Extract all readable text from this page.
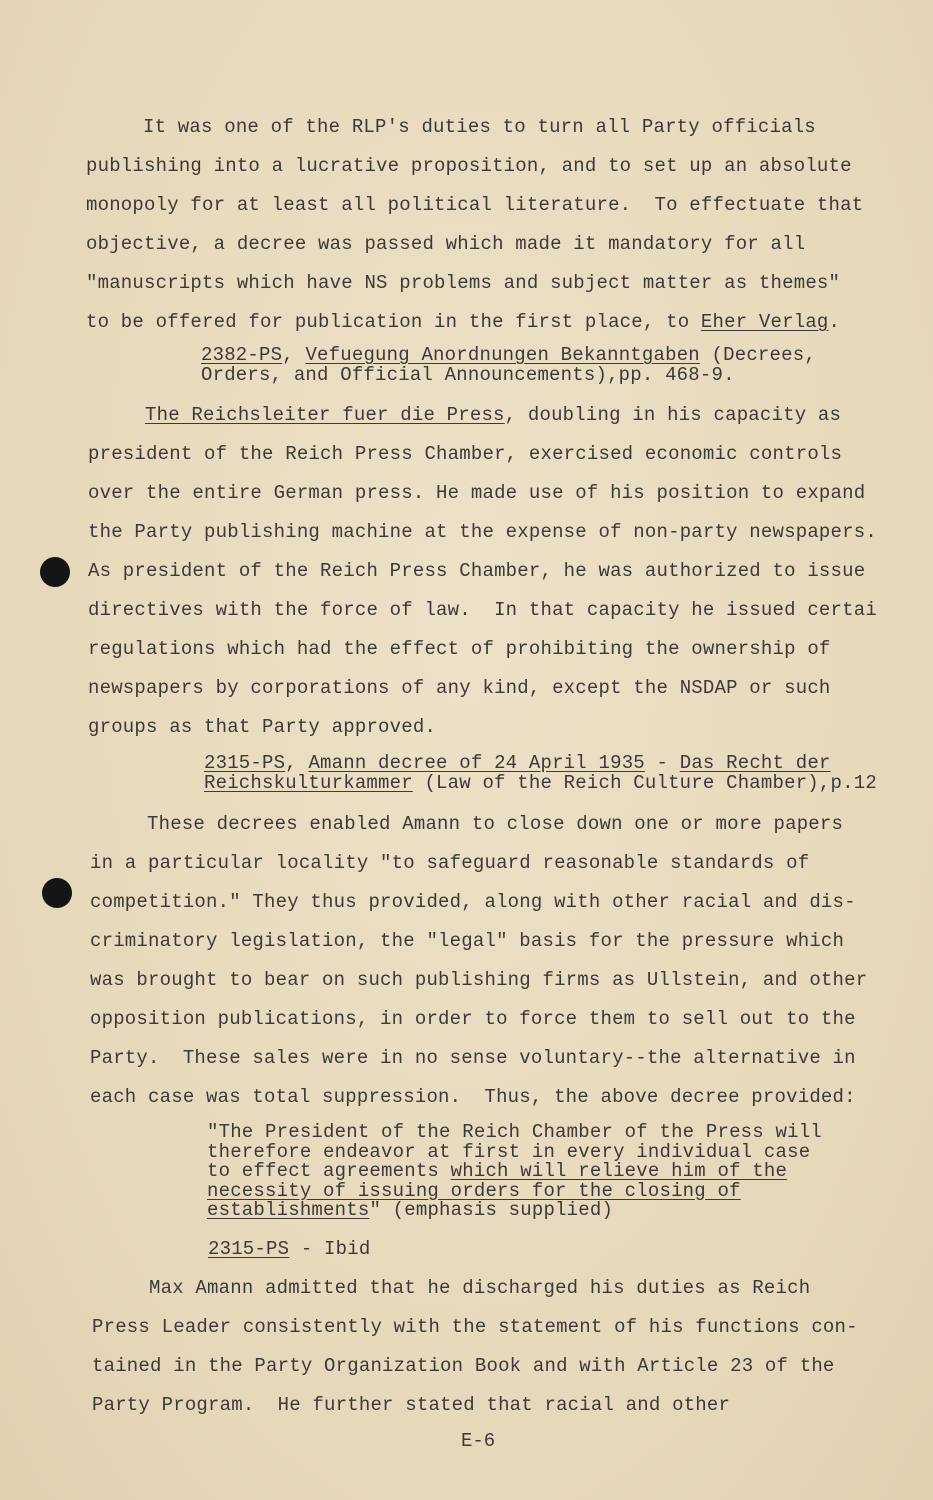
It was one of the RLP's duties to turn all Party officials
publishing into a lucrative proposition, and to set up an absolute
monopoly for at least all political literature.  To effectuate that
objective, a decree was passed which made it mandatory for all
"manuscripts which have NS problems and subject matter as themes"
to be offered for publication in the first place, to Eher Verlag.
2382-PS, Vefuegung Anordnungen Bekanntgaben (Decrees,
Orders, and Official Announcements),pp. 468-9.
The Reichsleiter fuer die Press, doubling in his capacity as
president of the Reich Press Chamber, exercised economic controls
over the entire German press. He made use of his position to expand
the Party publishing machine at the expense of non-party newspapers.
As president of the Reich Press Chamber, he was authorized to issue
directives with the force of law.  In that capacity he issued certai
regulations which had the effect of prohibiting the ownership of
newspapers by corporations of any kind, except the NSDAP or such
groups as that Party approved.
2315-PS, Amann decree of 24 April 1935 - Das Recht der
Reichskulturkammer (Law of the Reich Culture Chamber),p.12
These decrees enabled Amann to close down one or more papers
in a particular locality "to safeguard reasonable standards of
competition." They thus provided, along with other racial and dis-
criminatory legislation, the "legal" basis for the pressure which
was brought to bear on such publishing firms as Ullstein, and other
opposition publications, in order to force them to sell out to the
Party.  These sales were in no sense voluntary--the alternative in
each case was total suppression.  Thus, the above decree provided:
"The President of the Reich Chamber of the Press will
therefore endeavor at first in every individual case
to effect agreements which will relieve him of the
necessity of issuing orders for the closing of
establishments" (emphasis supplied)
2315-PS - Ibid
Max Amann admitted that he discharged his duties as Reich
Press Leader consistently with the statement of his functions con-
tained in the Party Organization Book and with Article 23 of the
Party Program.  He further stated that racial and other
E-6
